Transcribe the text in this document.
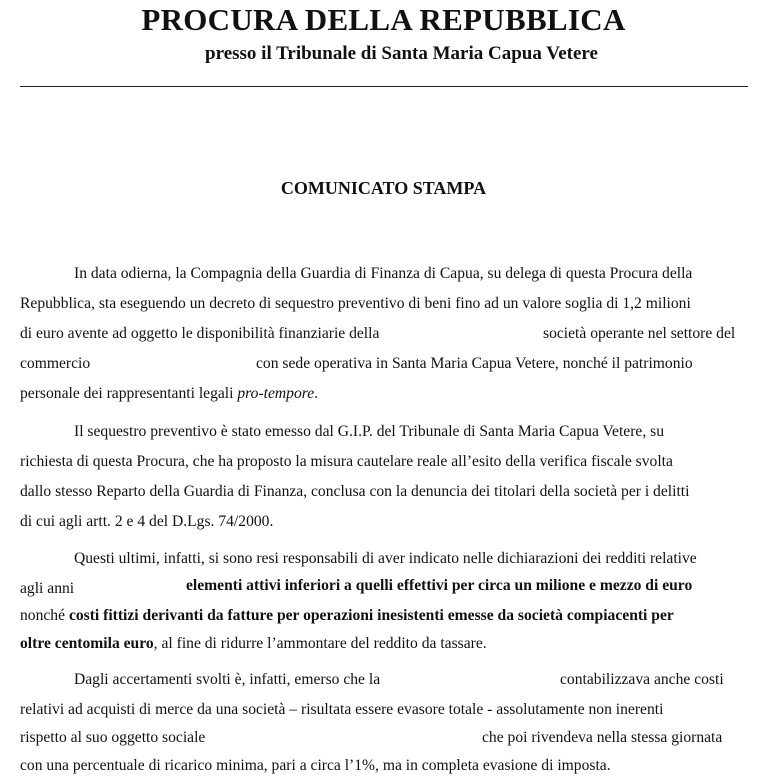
PROCURA DELLA REPUBBLICA
presso il Tribunale di Santa Maria Capua Vetere
COMUNICATO STAMPA
In data odierna, la Compagnia della Guardia di Finanza di Capua, su delega di questa Procura della
Repubblica, sta eseguendo un decreto di sequestro preventivo di beni fino ad un valore soglia di 1,2 milioni
di euro avente ad oggetto le disponibilità finanziarie della	società operante nel settore del
commercio	con sede operativa in Santa Maria Capua Vetere, nonché il patrimonio
personale dei rappresentanti legali pro-tempore.
Il sequestro preventivo è stato emesso dal G.I.P. del Tribunale di Santa Maria Capua Vetere, su
richiesta di questa Procura, che ha proposto la misura cautelare reale all’esito della verifica fiscale svolta
dallo stesso Reparto della Guardia di Finanza, conclusa con la denuncia dei titolari della società per i delitti
di cui agli artt. 2 e 4 del D.Lgs. 74/2000.
Questi ultimi, infatti, si sono resi responsabili di aver indicato nelle dichiarazioni dei redditi relative
agli anni	elementi attivi inferiori a quelli effettivi per circa un milione e mezzo di euro
nonché costi fittizi derivanti da fatture per operazioni inesistenti emesse da società compiacenti per
oltre centomila euro, al fine di ridurre l’ammontare del reddito da tassare.
Dagli accertamenti svolti è, infatti, emerso che la	contabilizzava anche costi
relativi ad acquisti di merce da una società – risultata essere evasore totale - assolutamente non inerenti
rispetto al suo oggetto sociale	che poi rivendeva nella stessa giornata
con una percentuale di ricarico minima, pari a circa l’1%, ma in completa evasione di imposta.
